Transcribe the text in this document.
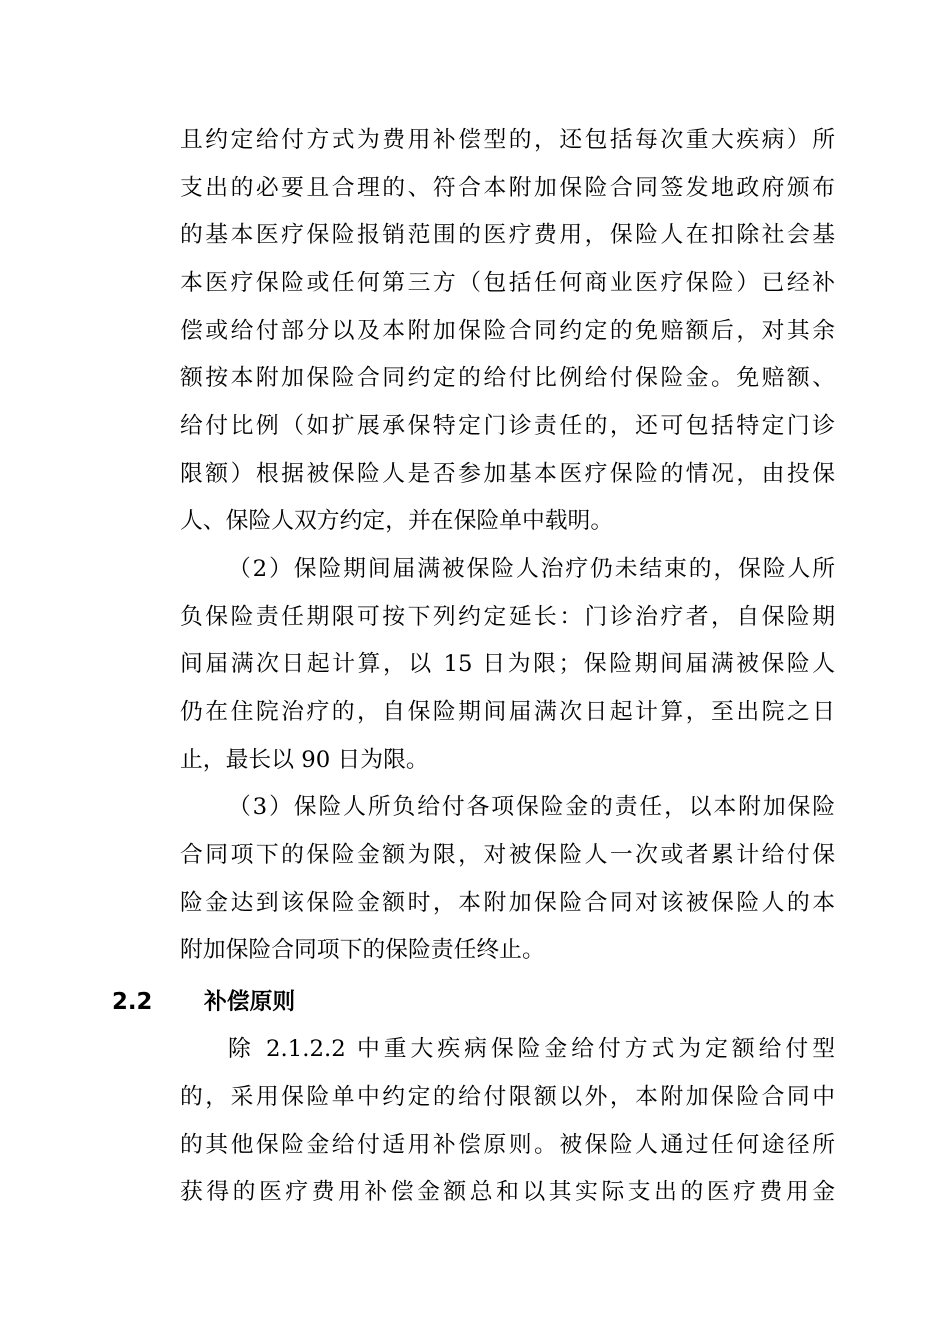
且约定给付方式为费用补偿型的，还包括每次重大疾病）所
支出的必要且合理的、符合本附加保险合同签发地政府颁布
的基本医疗保险报销范围的医疗费用，保险人在扣除社会基
本医疗保险或任何第三方（包括任何商业医疗保险）已经补
偿或给付部分以及本附加保险合同约定的免赔额后，对其余
额按本附加保险合同约定的给付比例给付保险金。免赔额、
给付比例（如扩展承保特定门诊责任的，还可包括特定门诊
限额）根据被保险人是否参加基本医疗保险的情况，由投保
人、保险人双方约定，并在保险单中载明。
（2）保险期间届满被保险人治疗仍未结束的，保险人所
负保险责任期限可按下列约定延长：门诊治疗者，自保险期
间届满次日起计算，以 15 日为限；保险期间届满被保险人
仍在住院治疗的，自保险期间届满次日起计算，至出院之日
止，最长以 90 日为限。
（3）保险人所负给付各项保险金的责任，以本附加保险
合同项下的保险金额为限，对被保险人一次或者累计给付保
险金达到该保险金额时，本附加保险合同对该被保险人的本
附加保险合同项下的保险责任终止。
2.2 补偿原则
除 2.1.2.2 中重大疾病保险金给付方式为定额给付型
的，采用保险单中约定的给付限额以外，本附加保险合同中
的其他保险金给付适用补偿原则。被保险人通过任何途径所
获得的医疗费用补偿金额总和以其实际支出的医疗费用金
